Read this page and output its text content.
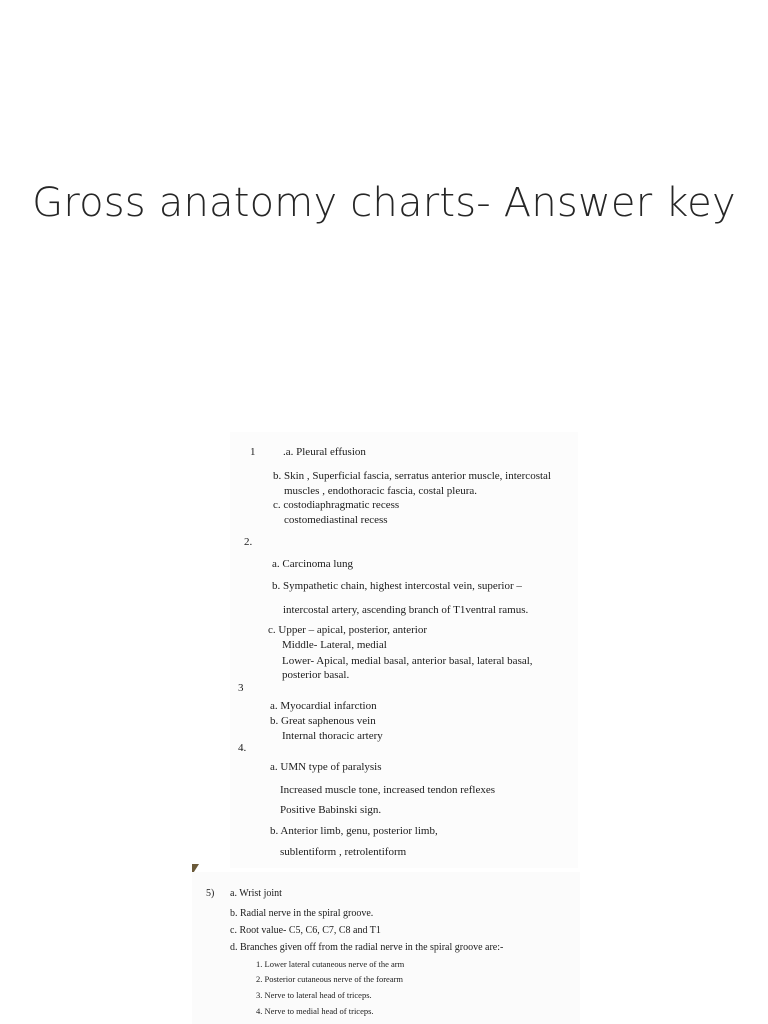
Gross anatomy charts- Answer key
1	.a. Pleural effusion
b. Skin , Superficial fascia, serratus anterior muscle, intercostal
muscles , endothoracic fascia, costal pleura.
c. costodiaphragmatic recess
costomediastinal recess
2.
a. Carcinoma lung
b. Sympathetic chain, highest intercostal vein, superior –
intercostal artery, ascending branch of T1ventral ramus.
c. Upper – apical, posterior, anterior
Middle- Lateral, medial
Lower- Apical, medial basal, anterior basal, lateral basal,
posterior basal.
3
a. Myocardial infarction
b. Great saphenous vein
Internal thoracic artery
4.
a. UMN type of paralysis
Increased muscle tone, increased tendon reflexes
Positive Babinski sign.
b. Anterior limb, genu, posterior limb,
sublentiform , retrolentiform
5) a. Wrist joint
b. Radial nerve in the spiral groove.
c. Root value- C5, C6, C7, C8 and T1
d. Branches given off from the radial nerve in the spiral groove are:-
1. Lower lateral cutaneous nerve of the arm
2. Posterior cutaneous nerve of the forearm
3. Nerve to lateral head of triceps.
4. Nerve to medial head of triceps.
